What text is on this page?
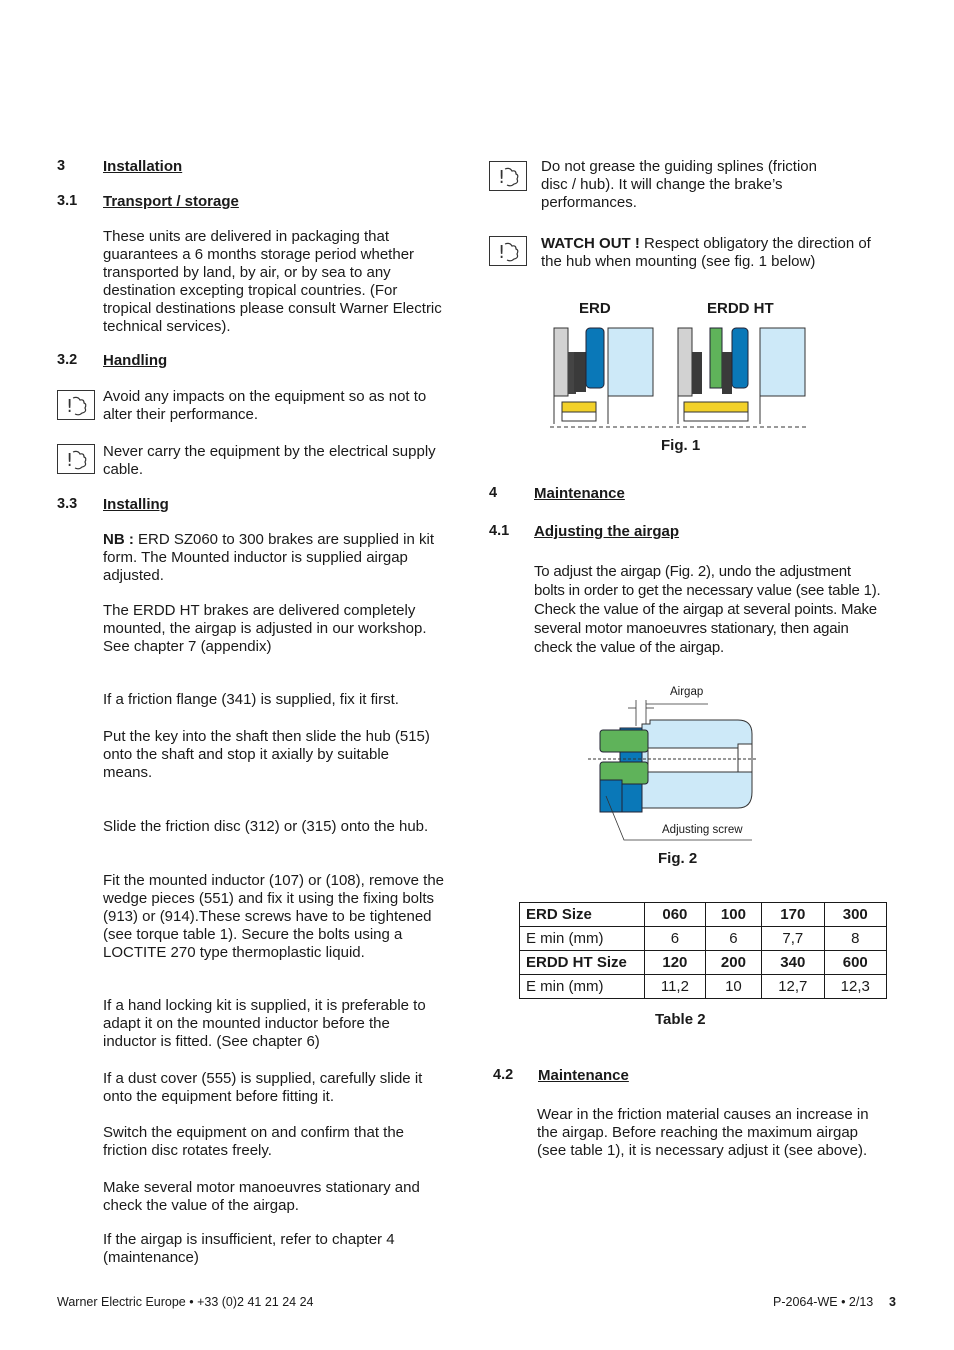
3	Installation
3.1 Transport / storage
These units are delivered in packaging that guarantees a 6 months storage period whether transported by land, by air, or by sea to any destination excepting tropical countries. (For tropical destinations please consult Warner Electric technical services).
3.2 Handling
! Avoid any impacts on the equipment so as not to alter their performance.
! Never carry the equipment by the electrical supply cable.
3.3 Installing
NB : ERD SZ060 to 300 brakes are supplied in kit form. The Mounted inductor is supplied airgap adjusted.
The ERDD HT brakes are delivered completely mounted, the airgap is adjusted in our workshop. See chapter 7 (appendix)
If a friction flange (341) is supplied, fix it first.
Put the key into the shaft then slide the hub (515) onto the shaft and stop it axially by suitable means.
Slide the friction disc (312) or (315) onto the hub.
Fit the mounted inductor (107) or (108), remove the wedge pieces (551) and fix it using the fixing bolts (913) or (914).These screws have to be tightened (see torque table 1). Secure the bolts using a LOCTITE 270 type thermoplastic liquid.
If a hand locking kit is supplied, it is preferable to adapt it on the mounted inductor before the inductor is fitted. (See chapter 6)
If a dust cover (555) is supplied, carefully slide it onto the equipment before fitting it.
Switch the equipment on and confirm that the friction disc rotates freely.
Make several motor manoeuvres stationary and check the value of the airgap.
If the airgap is insufficient, refer to chapter 4 (maintenance)
!
Do not grease the guiding splines (friction disc / hub). It will change the brake’s performances.
! WATCH OUT ! Respect obligatory the direction of the hub when mounting (see fig. 1 below)
ERD	ERDD HT
Fig. 1
4 Maintenance
4.1 Adjusting the airgap
To adjust the airgap (Fig. 2), undo the adjustment bolts in order to get the necessary value (see table 1). Check the value of the airgap at several points. Make several motor manoeuvres stationary, then again check the value of the airgap.
Airgap
Adjusting screw
Fig. 2
ERD Size	060	100	170	300
E min (mm)	6	6	7,7	8
ERDD HT Size	120	200	340	600
E min (mm)	11,2	10	12,7	12,3
Table 2
4.2 Maintenance
Wear in the friction material causes an increase in the airgap. Before reaching the maximum airgap (see table 1), it is necessary adjust it (see above).
Warner Electric Europe • +33 (0)2 41 21 24 24	P-2064-WE • 2/13 3
